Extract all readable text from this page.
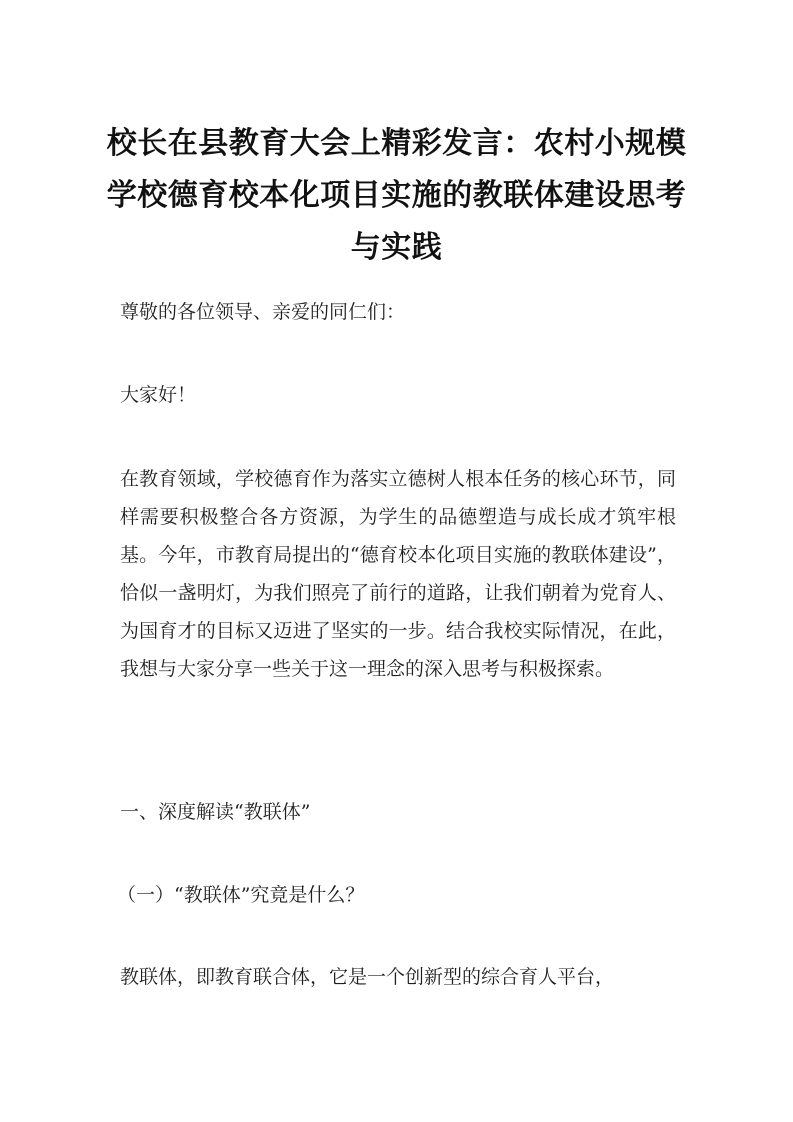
校长在县教育大会上精彩发言：农村小规模学校德育校本化项目实施的教联体建设思考与实践

尊敬的各位领导、亲爱的同仁们：

大家好！

在教育领域，学校德育作为落实立德树人根本任务的核心环节，同样需要积极整合各方资源，为学生的品德塑造与成长成才筑牢根基。今年，市教育局提出的“德育校本化项目实施的教联体建设”，恰似一盏明灯，为我们照亮了前行的道路，让我们朝着为党育人、为国育才的目标又迈进了坚实的一步。结合我校实际情况，在此，我想与大家分享一些关于这一理念的深入思考与积极探索。

一、深度解读“教联体”

（一）“教联体”究竟是什么？

教联体，即教育联合体，它是一个创新型的综合育人平台，
